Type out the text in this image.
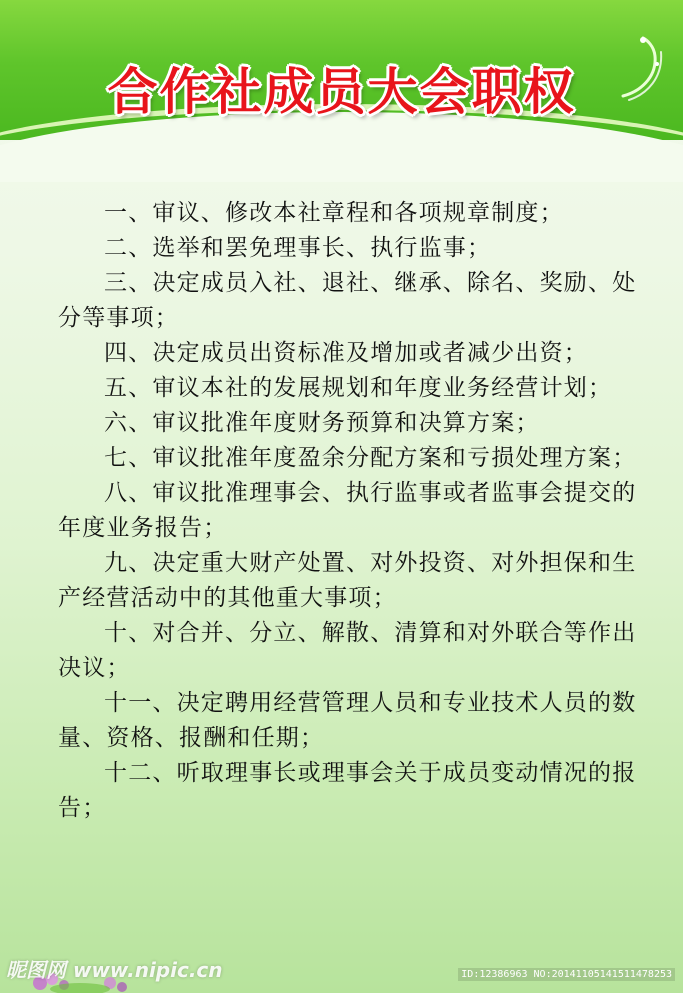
合作社成员大会职权

一、审议、修改本社章程和各项规章制度；

二、选举和罢免理事长、执行监事；

三、决定成员入社、退社、继承、除名、奖励、处分等事项；

四、决定成员出资标准及增加或者减少出资；

五、审议本社的发展规划和年度业务经营计划；

六、审议批准年度财务预算和决算方案；

七、审议批准年度盈余分配方案和亏损处理方案；

八、审议批准理事会、执行监事或者监事会提交的年度业务报告；

九、决定重大财产处置、对外投资、对外担保和生产经营活动中的其他重大事项；

十、对合并、分立、解散、清算和对外联合等作出决议；

十一、决定聘用经营管理人员和专业技术人员的数量、资格、报酬和任期；

十二、听取理事长或理事会关于成员变动情况的报告；

昵图网 www.nipic.cn	ID:12386963 NO:20141105141511478253
